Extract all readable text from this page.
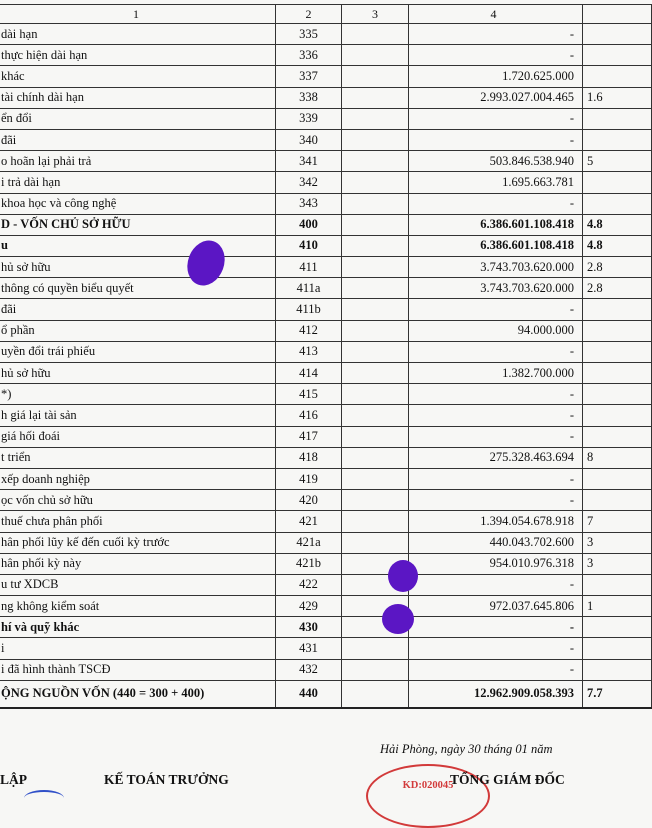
1	2	3	4	
dài hạn	335		-	
thực hiện dài hạn	336		-	
khác	337		1.720.625.000	
tài chính dài hạn	338		2.993.027.004.465	1.6
ển đổi	339		-	
đãi	340		-	
o hoãn lại phải trả	341		503.846.538.940	5
i trả dài hạn	342		1.695.663.781	
khoa học và công nghệ	343		-	
D - VỐN CHỦ SỞ HỮU	400		6.386.601.108.418	4.8
u	410		6.386.601.108.418	4.8
hủ sở hữu	411		3.743.703.620.000	2.8
thông có quyền biểu quyết	411a		3.743.703.620.000	2.8
đãi	411b		-	
ổ phần	412		94.000.000	
uyền đổi trái phiếu	413		-	
hủ sở hữu	414		1.382.700.000	
*)	415		-	
h giá lại tài sản	416		-	
giá hối đoái	417		-	
t triển	418		275.328.463.694	8
xếp doanh nghiệp	419		-	
ọc vốn chủ sở hữu	420		-	
thuế chưa phân phối	421		1.394.054.678.918	7
hân phối lũy kế đến cuối kỳ trước	421a		440.043.702.600	3
hân phối kỳ này	421b		954.010.976.318	3
u tư XDCB	422		-	
ng không kiểm soát	429		972.037.645.806	1
hí và quỹ khác	430		-	
i	431		-	
i đã hình thành TSCĐ	432		-	
ỘNG NGUỒN VỐN (440 = 300 + 400)	440		12.962.909.058.393	7.7
Hải Phòng, ngày 30 tháng 01 năm
LẬP	KẾ TOÁN TRƯỞNG	KD:020045
TỔNG GIÁM ĐỐC
